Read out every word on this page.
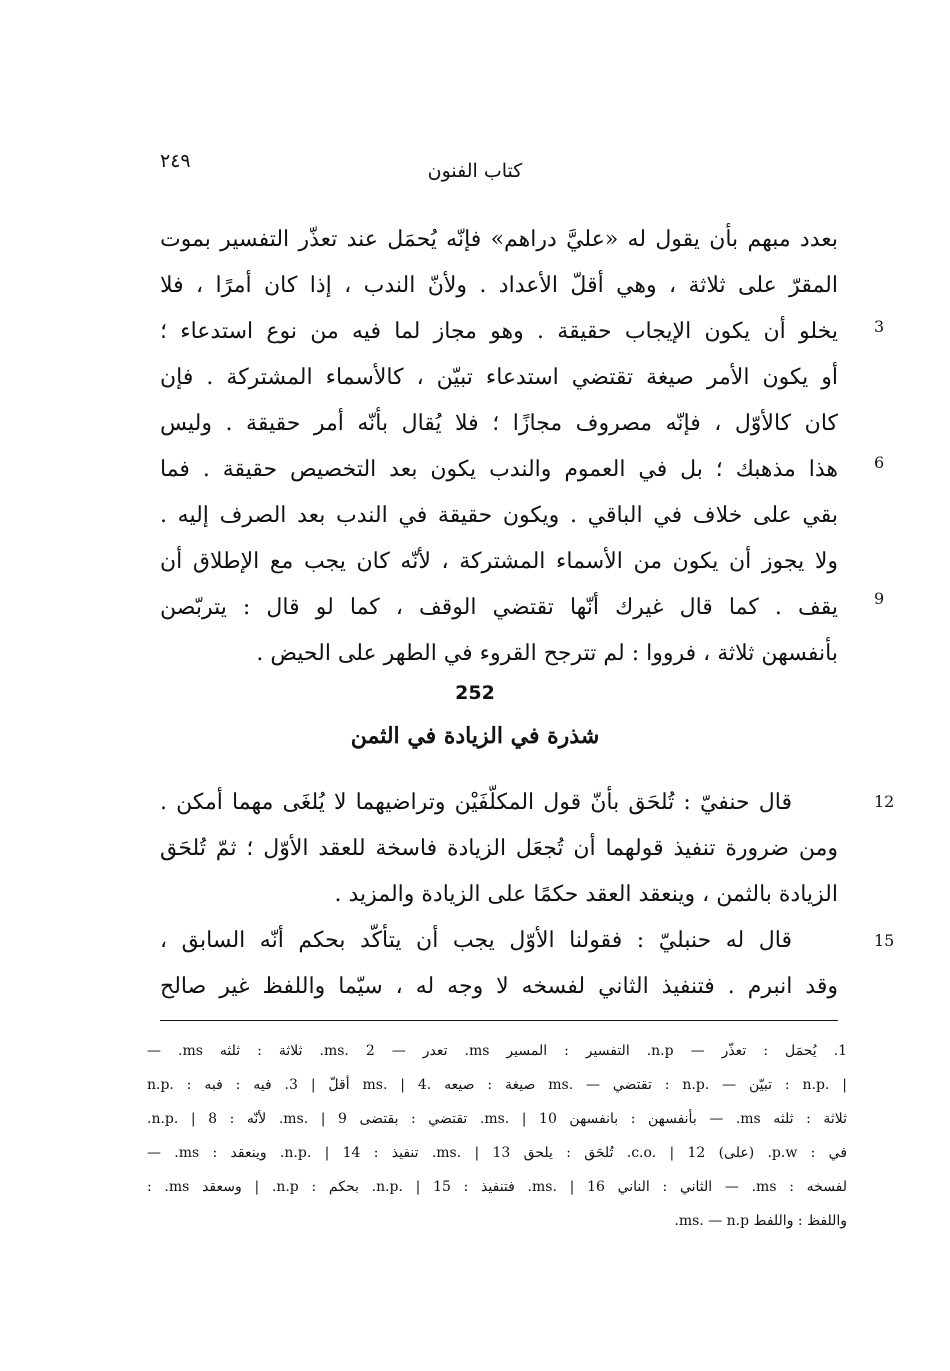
٢٤٩	كتاب الفنون
بعدد مبهم بأن يقول له «عليَّ دراهم» فإنّه يُحمَل عند تعذّر التفسير بموت
المقرّ على ثلاثة ، وهي أقلّ الأعداد . ولأنّ الندب ، إذا كان أمرًا ، فلا
يخلو أن يكون الإيجاب حقيقة . وهو مجاز لما فيه من نوع استدعاء ؛
أو يكون الأمر صيغة تقتضي استدعاء تبيّن ، كالأسماء المشتركة . فإن
كان كالأوّل ، فإنّه مصروف مجازًا ؛ فلا يُقال بأنّه أمر حقيقة . وليس
هذا مذهبك ؛ بل في العموم والندب يكون بعد التخصيص حقيقة . فما
بقي على خلاف في الباقي . ويكون حقيقة في الندب بعد الصرف إليه .
ولا يجوز أن يكون من الأسماء المشتركة ، لأنّه كان يجب مع الإطلاق أن
يقف . كما قال غيرك أنّها تقتضي الوقف ، كما لو قال : يتربّصن
بأنفسهن ثلاثة ، فرووا : لم تترجح القروء في الطهر على الحيض .
3
6
9
252
شذرة في الزيادة في الثمن
قال حنفيّ : تُلحَق بأنّ قول المكلّفَيْن وتراضيهما لا يُلغَى مهما أمكن .
ومن ضرورة تنفيذ قولهما أن تُجعَل الزيادة فاسخة للعقد الأوّل ؛ ثمّ تُلحَق
الزيادة بالثمن ، وينعقد العقد حكمًا على الزيادة والمزيد .
قال له حنبليّ : فقولنا الأوّل يجب أن يتأكّد بحكم أنّه السابق ،
وقد انبرم . فتنفيذ الثاني لفسخه لا وجه له ، سيّما واللفظ غير صالح
12
15
1. يُحمَل : تعذّر — n.p. التفسير : المسير ms. تعدر — ms. 2. ثلاثة : ثلثه ms. —
n.p. : أقلّ | 3. فيه : فبه ms. | 4. صيغة : صيعه ms. — تقتضي : n.p. — تبيّن : n.p. |
ثلاثة : ثلثه ms. — بأنفسهن : بانفسهن ms. | 10. تقتضي : بقتضى ms. | 9. لأنّه : n.p. | 8.
في : p.w. (على) c.o. | 12. تُلحَق : يلحق ms. | 13. تنفيذ : n.p. | 14. وينعقد : ms. —
لفسخه : ms. — الثاني : الناني ms. | 16. فتنفيذ : n.p. | 15. بحكم : n.p. | وسعقد ms. :
واللفظ : واللفط ms. — n.p.
